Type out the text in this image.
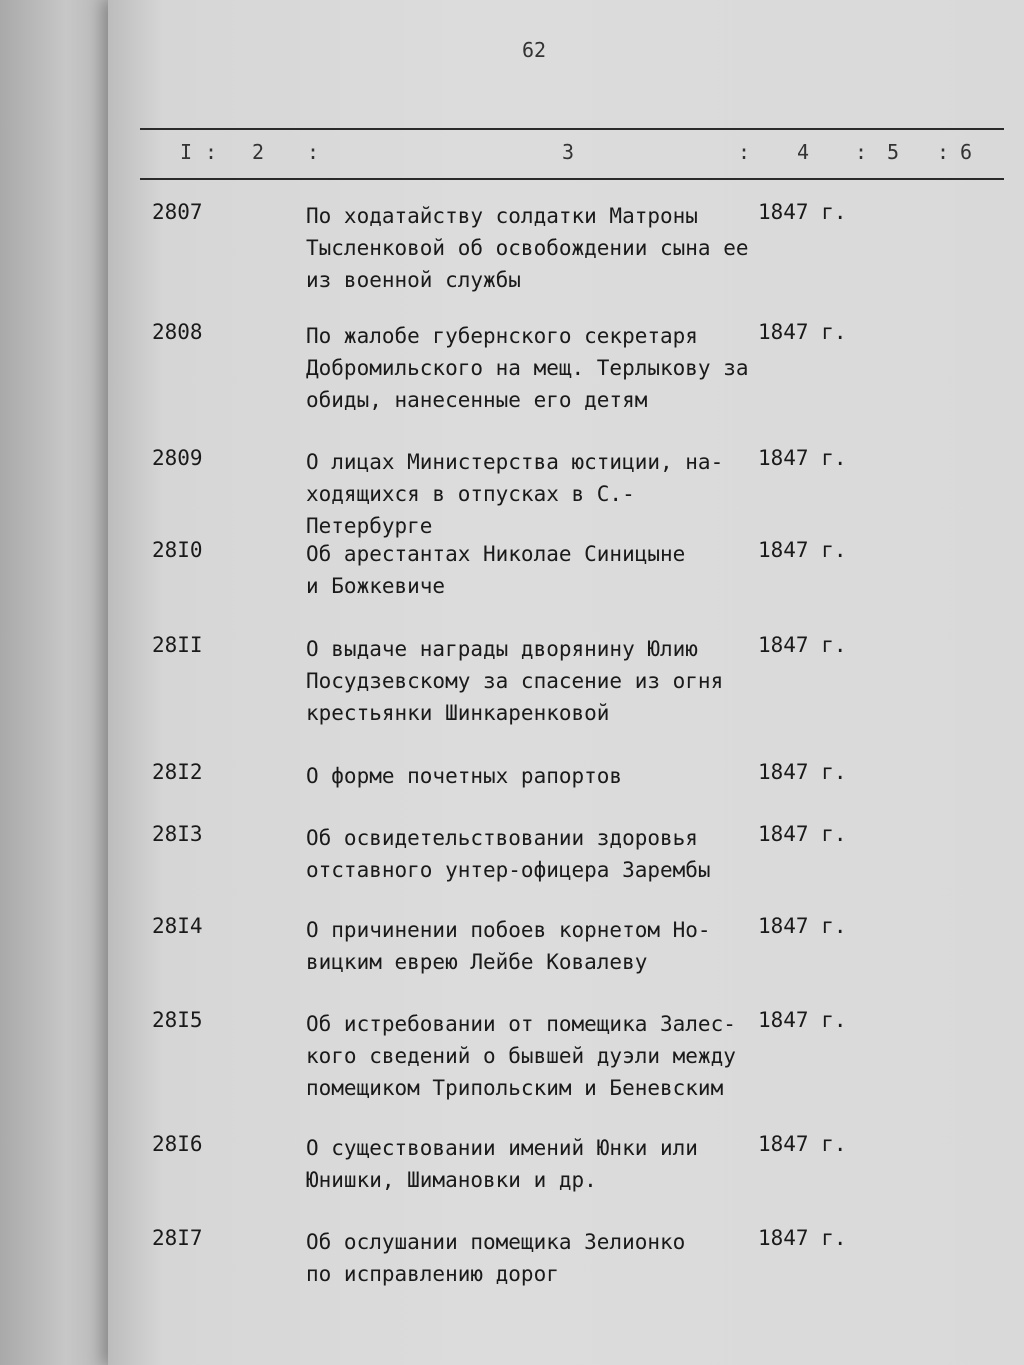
62
I : 2 :	3	: 4 : 5 : 6
2807	По ходатайству солдатки Матроны
Тысленковой об освобождении сына ее
из военной службы
1847 г.
2808	По жалобе губернского секретаря
Добромильского на мещ. Терлыкову за
обиды, нанесенные его детям
1847 г.
2809	О лицах Министерства юстиции, на-
ходящихся в отпусках в С.-Петербурге
1847 г.
28I0	Об арестантах Николае Синицыне
и Божкевиче
1847 г.
28II	О выдаче награды дворянину Юлию
Посудзевскому за спасение из огня
крестьянки Шинкаренковой
1847 г.
28I2	О форме почетных рапортов	1847 г.
28I3	Об освидетельствовании здоровья
отставного унтер-офицера Зарембы
1847 г.
28I4	О причинении побоев корнетом Но-
вицким еврею Лейбе Ковалеву
1847 г.
28I5	Об истребовании от помещика Залес-
кого сведений о бывшей дуэли между
помещиком Трипольским и Беневским
1847 г.
28I6	О существовании имений Юнки или
Юнишки, Шимановки и др.
1847 г.
28I7	Об ослушании помещика Зелионко
по исправлению дорог
1847 г.
